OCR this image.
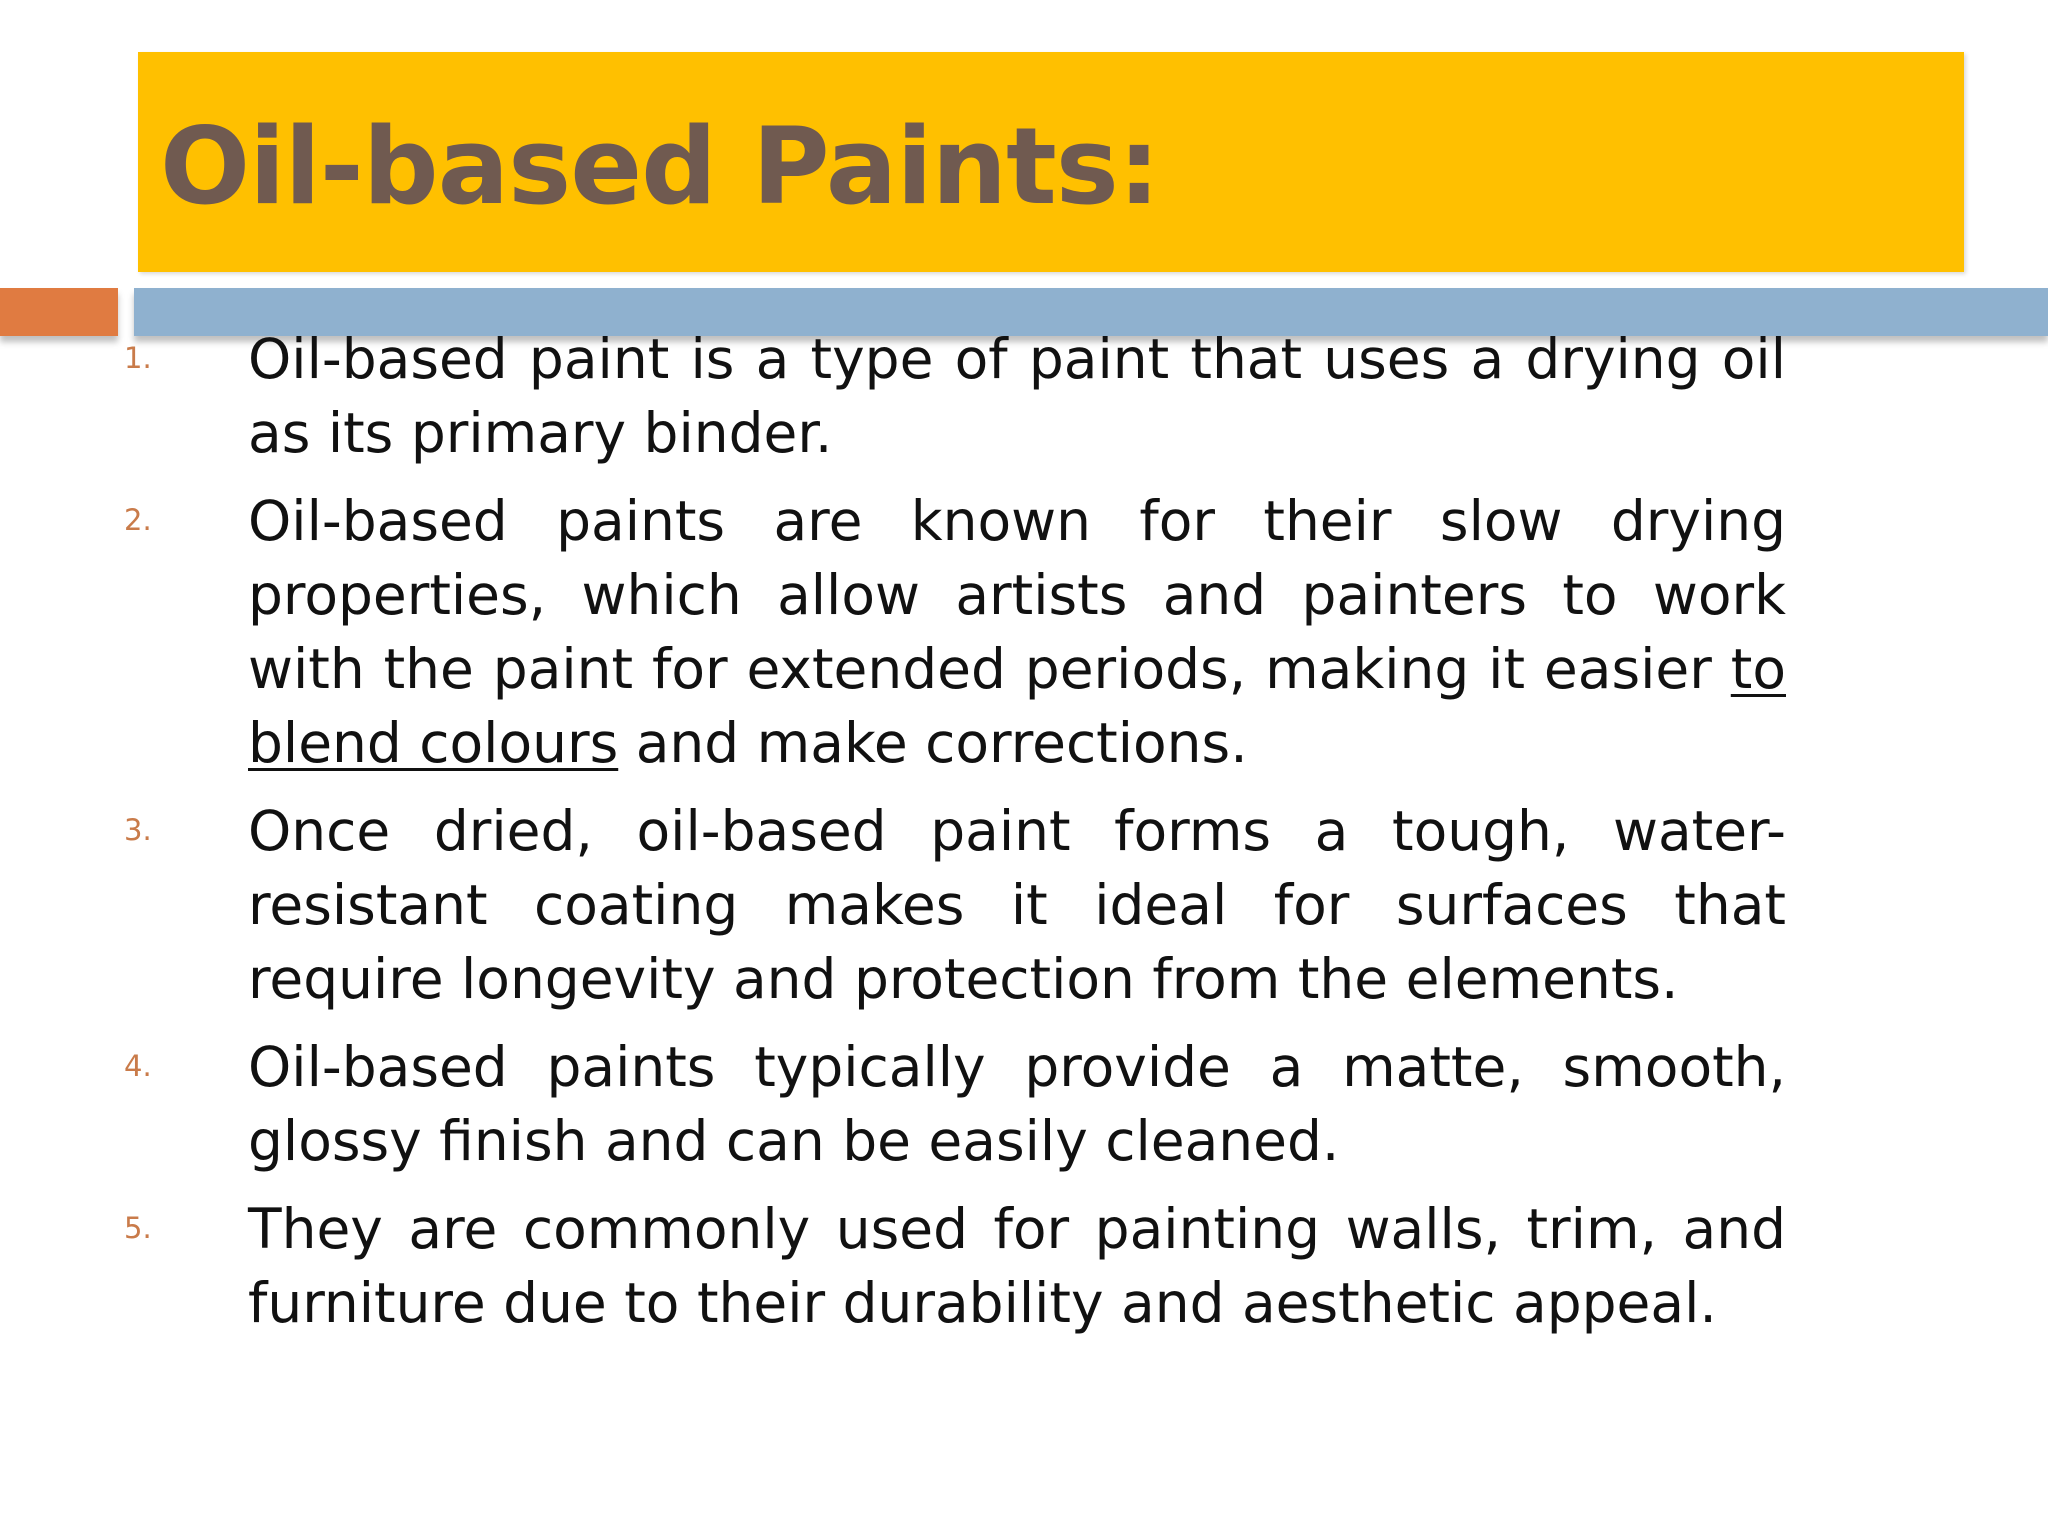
Oil-based Paints:
1. Oil-based paint is a type of paint that uses a drying oil as its primary binder.
2. Oil-based paints are known for their slow drying properties, which allow artists and painters to work with the paint for extended periods, making it easier to blend colours and make corrections.
3. Once dried, oil-based paint forms a tough, water-resistant coating makes it ideal for surfaces that require longevity and protection from the elements.
4. Oil-based paints typically provide a matte, smooth, glossy finish and can be easily cleaned.
5. They are commonly used for painting walls, trim, and furniture due to their durability and aesthetic appeal.
